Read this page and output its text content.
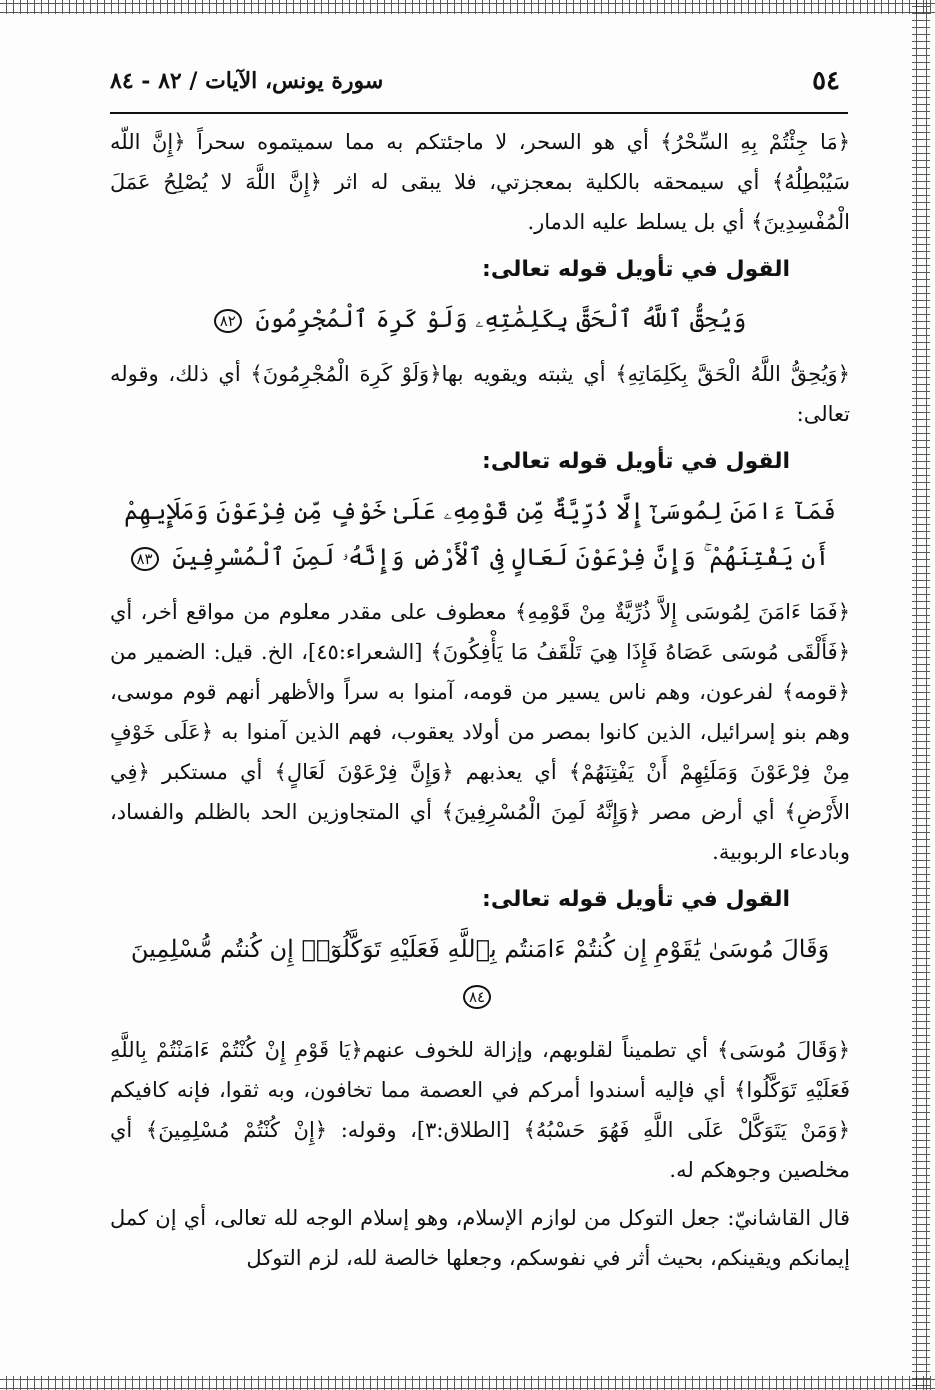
٥٤
سورة يونس، الآيات / ٨٢ - ٨٤

﴿مَا جِئْتُمْ بِهِ السِّحْرُ﴾ أي هو السحر، لا ماجئتكم به مما سميتموه سحراً ﴿إِنَّ اللّه سَيُبْطِلُهُ﴾ أي سيمحقه بالكلية بمعجزتي، فلا يبقى له اثر ﴿إِنَّ اللَّهَ لا يُصْلِحُ عَمَلَ الْمُفْسِدِينَ﴾ أي بل يسلط عليه الدمار.

القول في تأويل قوله تعالى:
وَيُحِقُّ ٱللَّهُ ٱلْحَقَّ بِكَلِمَٰتِهِۦ وَلَوْ كَرِهَ ٱلْمُجْرِمُونَ ٨٢

﴿وَيُحِقُّ اللَّهُ الْحَقَّ بِكَلِمَاتِهِ﴾ أي يثبته ويقويه بها﴿وَلَوْ كَرِهَ الْمُجْرِمُونَ﴾ أي ذلك، وقوله تعالى:

القول في تأويل قوله تعالى:
فَمَآ ءَامَنَ لِمُوسَىٰٓ إِلَّا ذُرِّيَّةٌ مِّن قَوْمِهِۦ عَلَىٰ خَوْفٍ مِّن فِرْعَوْنَ وَمَلَإِيهِمْ أَن يَفْتِنَهُمْ ۚ وَإِنَّ فِرْعَوْنَ لَعَالٍ فِى ٱلْأَرْضِ وَإِنَّهُۥ لَمِنَ ٱلْمُسْرِفِينَ ٨٣

﴿فَمَا ءَامَنَ لِمُوسَى إِلاَّ ذُرِّيَّةٌ مِنْ قَوْمِهِ﴾ معطوف على مقدر معلوم من مواقع أخر، أي ﴿فَأَلْقَى مُوسَى عَصَاهُ فَإِذَا هِيَ تَلْقَفُ مَا يَأْفِكُونَ﴾ [الشعراء:٤٥]، الخ. قيل: الضمير من ﴿قومه﴾ لفرعون، وهم ناس يسير من قومه، آمنوا به سراً والأظهر أنهم قوم موسى، وهم بنو إسرائيل، الذين كانوا بمصر من أولاد يعقوب، فهم الذين آمنوا به ﴿عَلَى خَوْفٍ مِنْ فِرْعَوْنَ وَمَلَئِهِمْ أَنْ يَفْتِنَهُمْ﴾ أي يعذبهم ﴿وَإِنَّ فِرْعَوْنَ لَعَالٍ﴾ أي مستكبر ﴿فِي الأَرْضِ﴾ أي أرض مصر ﴿وَإِنَّهُ لَمِنَ الْمُسْرِفِينَ﴾ أي المتجاوزين الحد بالظلم والفساد، وبادعاء الربوبية.

القول في تأويل قوله تعالى:
وَقَالَ مُوسَىٰ يَٰقَوْمِ إِن كُنتُمْ ءَامَنتُم بِٱللَّهِ فَعَلَيْهِ تَوَكَّلُوٓا۟ إِن كُنتُم مُّسْلِمِينَ ٨٤

﴿وَقَالَ مُوسَى﴾ أي تطميناً لقلوبهم، وإزالة للخوف عنهم﴿يَا قَوْمِ إِنْ كُنْتُمْ ءَامَنْتُمْ بِاللَّهِ فَعَلَيْهِ تَوَكَّلُوا﴾ أي فإليه أسندوا أمركم في العصمة مما تخافون، وبه ثقوا، فإنه كافيكم ﴿وَمَنْ يَتَوَكَّلْ عَلَى اللَّهِ فَهُوَ حَسْبُهُ﴾ [الطلاق:٣]، وقوله: ﴿إِنْ كُنْتُمْ مُسْلِمِينَ﴾ أي مخلصين وجوهكم له.

قال القاشانيّ: جعل التوكل من لوازم الإسلام، وهو إسلام الوجه لله تعالى، أي إن كمل إيمانكم ويقينكم، بحيث أثر في نفوسكم، وجعلها خالصة لله، لزم التوكل
